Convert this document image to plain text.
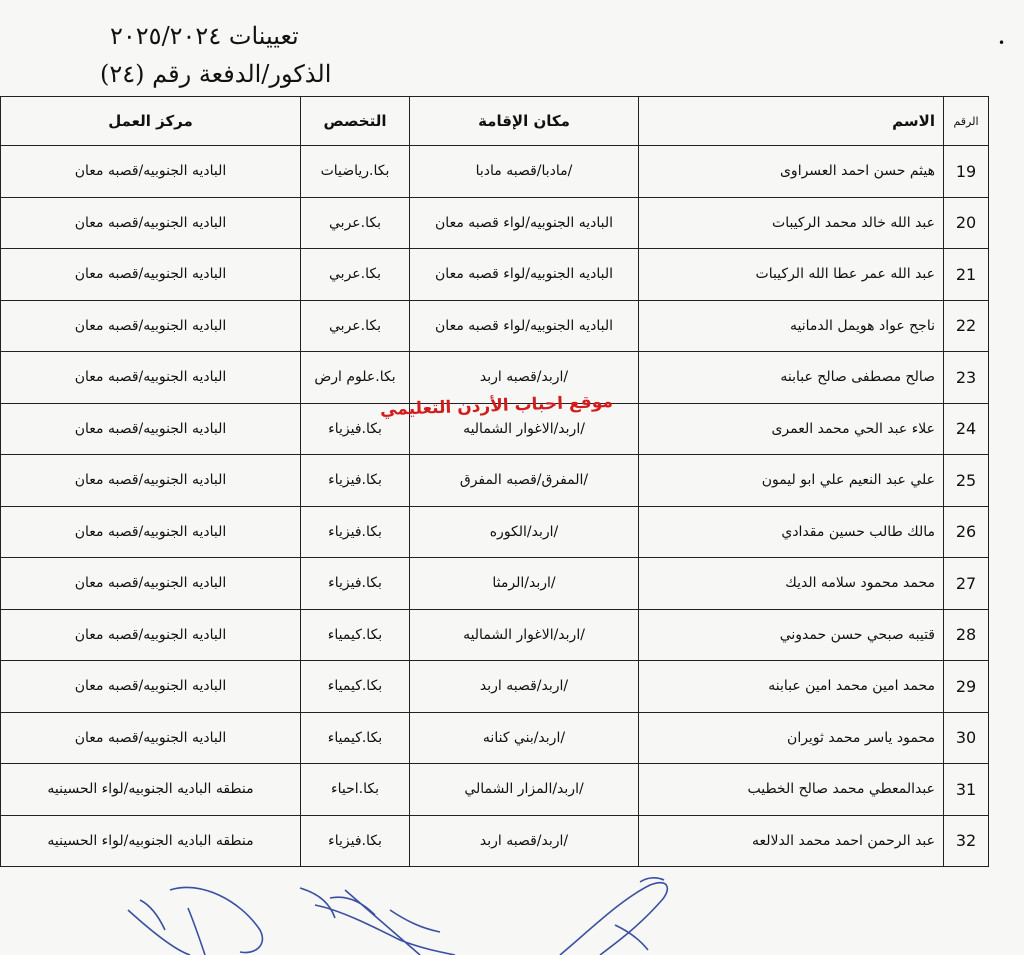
تعيينات ٢٠٢٥/٢٠٢٤
الذكور/الدفعة رقم (٢٤)
•
الرقم	الاسم	مكان الإقامة	التخصص	مركز العمل
19	هيثم حسن احمد العسراوى	/مادبا/قصبه مادبا	بكا.رياضيات	الباديه الجنوبيه/قصبه معان
20	عبد الله خالد محمد الركيبات	الباديه الجنوبيه/لواء قصبه معان	بكا.عربي	الباديه الجنوبيه/قصبه معان
21	عبد الله عمر عطا الله الركيبات	الباديه الجنوبيه/لواء قصبه معان	بكا.عربي	الباديه الجنوبيه/قصبه معان
22	ناجح عواد هويمل الدمانيه	الباديه الجنوبيه/لواء قصبه معان	بكا.عربي	الباديه الجنوبيه/قصبه معان
23	صالح مصطفى صالح عبابنه	/اربد/قصبه اربد	بكا.علوم ارض	الباديه الجنوبيه/قصبه معان
24	علاء عبد الحي محمد العمرى	/اربد/الاغوار الشماليه	بكا.فيزياء	الباديه الجنوبيه/قصبه معان
25	علي عبد النعيم علي ابو ليمون	/المفرق/قصبه المفرق	بكا.فيزياء	الباديه الجنوبيه/قصبه معان
26	مالك طالب حسين مقدادي	/اربد/الكوره	بكا.فيزياء	الباديه الجنوبيه/قصبه معان
27	محمد محمود سلامه الديك	/اربد/الرمثا	بكا.فيزياء	الباديه الجنوبيه/قصبه معان
28	قتيبه صبحي حسن حمدوني	/اربد/الاغوار الشماليه	بكا.كيمياء	الباديه الجنوبيه/قصبه معان
29	محمد امين محمد امين عبابنه	/اربد/قصبه اربد	بكا.كيمياء	الباديه الجنوبيه/قصبه معان
30	محمود ياسر محمد ثويران	/اربد/بني كنانه	بكا.كيمياء	الباديه الجنوبيه/قصبه معان
31	عبدالمعطي محمد صالح الخطيب	/اربد/المزار الشمالي	بكا.احياء	منطقه الباديه الجنوبيه/لواء الحسينيه
32	عبد الرحمن احمد محمد الدلالعه	/اربد/قصبه اربد	بكا.فيزياء	منطقه الباديه الجنوبيه/لواء الحسينيه
موقع احباب الأردن التعليمي
